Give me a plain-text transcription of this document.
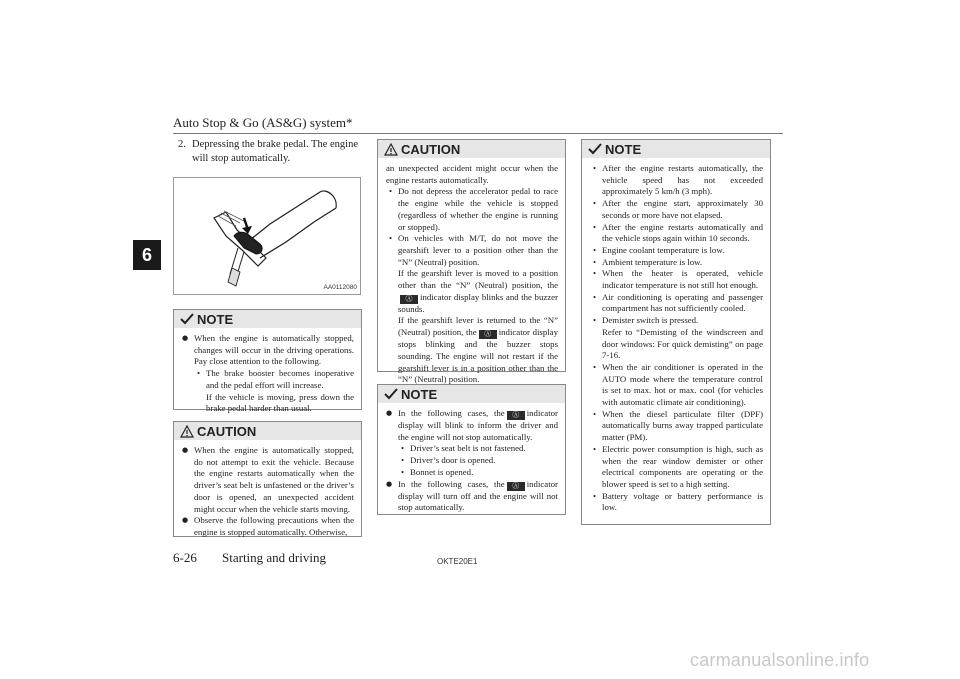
Auto Stop & Go (AS&G) system*
6
2. Depressing the brake pedal. The engine
will stop automatically.
AA0112080
NOTE
● When the engine is automatically stopped, changes will occur in the driving operations. Pay close attention to the following.
• The brake booster becomes inoperative and the pedal effort will increase.
If the vehicle is moving, press down the brake pedal harder than usual.
CAUTION
● When the engine is automatically stopped, do not attempt to exit the vehicle. Because the engine restarts automatically when the driver’s seat belt is unfastened or the driver’s door is opened, an unexpected accident might occur when the vehicle starts moving.
● Observe the following precautions when the engine is stopped automatically. Otherwise,
CAUTION
an unexpected accident might occur when the engine restarts automatically.
• Do not depress the accelerator pedal to race the engine while the vehicle is stopped (regardless of whether the engine is running or stopped).
• On vehicles with M/T, do not move the gearshift lever to a position other than the “N” (Neutral) position.
If the gearshift lever is moved to a position other than the “N” (Neutral) position, theⒶ indicator display blinks and the buzzer sounds.
If the gearshift lever is returned to the “N” (Neutral) position, the Ⓐ indicator display stops blinking and the buzzer stops sounding. The engine will not restart if the gearshift lever is in a position other than the “N” (Neutral) position.
NOTE
● In the following cases, the Ⓐ indicator display will blink to inform the driver and the engine will not stop automatically.
• Driver’s seat belt is not fastened.
• Driver’s door is opened.
• Bonnet is opened.
● In the following cases, the Ⓐ indicator display will turn off and the engine will not stop automatically.
NOTE
• After the engine restarts automatically, the vehicle speed has not exceeded approximately 5 km/h (3 mph).
• After the engine start, approximately 30 seconds or more have not elapsed.
• After the engine restarts automatically and the vehicle stops again within 10 seconds.
• Engine coolant temperature is low.
• Ambient temperature is low.
• When the heater is operated, vehicle indicator temperature is not still hot enough.
• Air conditioning is operating and passenger compartment has not sufficiently cooled.
• Demister switch is pressed.
Refer to “Demisting of the windscreen and door windows: For quick demisting” on page 7-16.
• When the air conditioner is operated in the AUTO mode where the temperature control is set to max. hot or max. cool (for vehicles with automatic climate air conditioning).
• When the diesel particulate filter (DPF) automatically burns away trapped particulate matter (PM).
• Electric power consumption is high, such as when the rear window demister or other electrical components are operating or the blower speed is set to a high setting.
• Battery voltage or battery performance is low.
6-26 Starting and driving	OKTE20E1
carmanualsonline.info
